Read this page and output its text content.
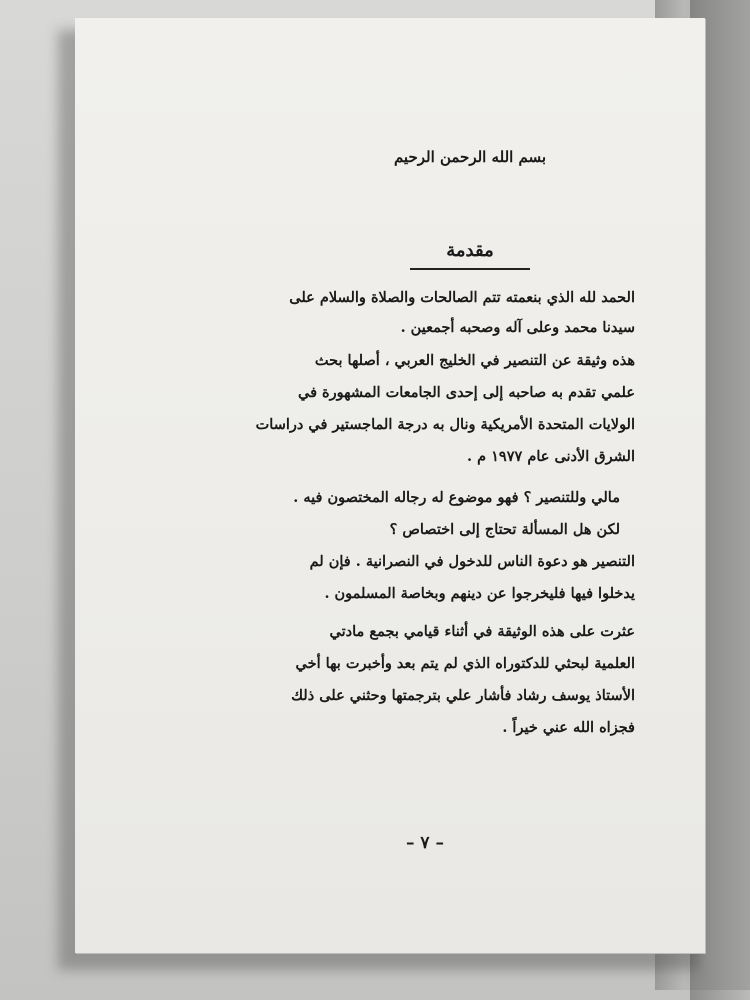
بسم الله الرحمن الرحيم
مقدمة
الحمد لله الذي بنعمته تتم الصالحات والصلاة والسلام على
سيدنا محمد وعلى آله وصحبه أجمعين .
هذه وثيقة عن التنصير في الخليج العربي ، أصلها بحث
علمي تقدم به صاحبه إلى إحدى الجامعات المشهورة في
الولايات المتحدة الأمريكية ونال به درجة الماجستير في دراسات
الشرق الأدنى عام ١٩٧٧ م .
مالي وللتنصير ؟ فهو موضوع له رجاله المختصون فيه .
لكن هل المسألة تحتاج إلى اختصاص ؟
التنصير هو دعوة الناس للدخول في النصرانية . فإن لم
يدخلوا فيها فليخرجوا عن دينهم وبخاصة المسلمون .
عثرت على هذه الوثيقة في أثناء قيامي بجمع مادتي
العلمية لبحثي للدكتوراه الذي لم يتم بعد وأخبرت بها أخي
الأستاذ يوسف رشاد فأشار علي بترجمتها وحثني على ذلك
فجزاه الله عني خيراً .
– ٧ –
